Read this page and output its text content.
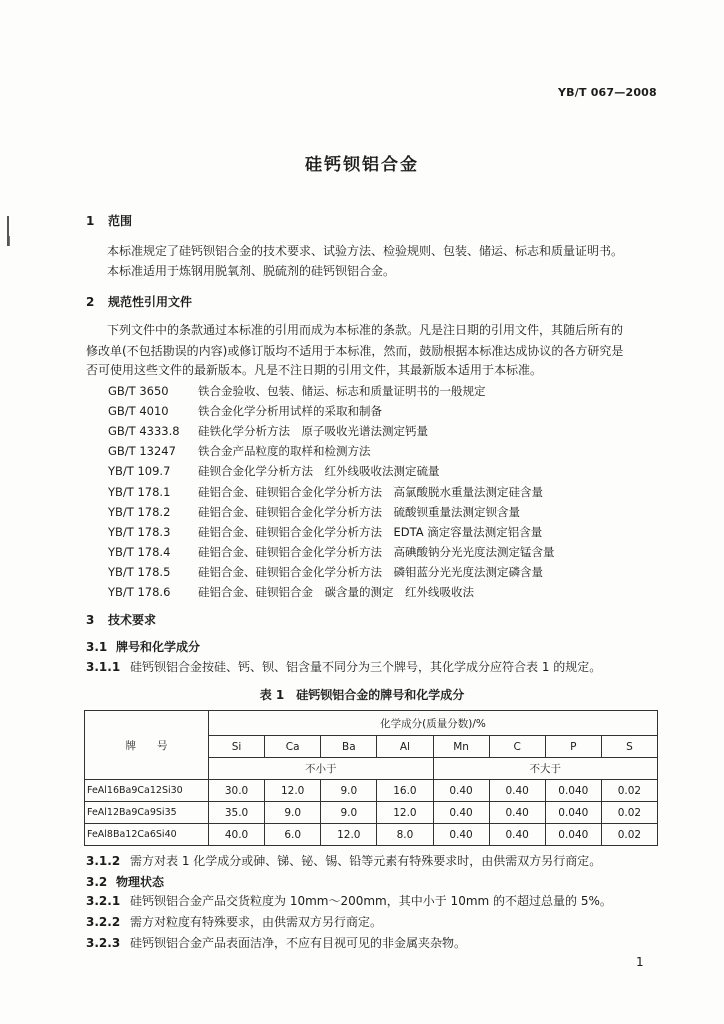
YB/T 067—2008
硅钙钡铝合金
1 范围
本标准规定了硅钙钡铝合金的技术要求、试验方法、检验规则、包装、储运、标志和质量证明书。
本标准适用于炼钢用脱氧剂、脱硫剂的硅钙钡铝合金。
2 规范性引用文件
下列文件中的条款通过本标准的引用而成为本标准的条款。凡是注日期的引用文件，其随后所有的
修改单(不包括勘误的内容)或修订版均不适用于本标准，然而，鼓励根据本标准达成协议的各方研究是
否可使用这些文件的最新版本。凡是不注日期的引用文件，其最新版本适用于本标准。
GB/T 3650	铁合金验收、包装、储运、标志和质量证明书的一般规定
GB/T 4010	铁合金化学分析用试样的采取和制备
GB/T 4333.8 硅铁化学分析方法　原子吸收光谱法测定钙量
GB/T 13247 铁合金产品粒度的取样和检测方法
YB/T 109.7 硅钡合金化学分析方法　红外线吸收法测定硫量
YB/T 178.1 硅铝合金、硅钡铝合金化学分析方法　高氯酸脱水重量法测定硅含量
YB/T 178.2 硅铝合金、硅钡铝合金化学分析方法　硫酸钡重量法测定钡含量
YB/T 178.3 硅铝合金、硅钡铝合金化学分析方法　EDTA 滴定容量法测定铝含量
YB/T 178.4 硅铝合金、硅钡铝合金化学分析方法　高碘酸钠分光光度法测定锰含量
YB/T 178.5 硅铝合金、硅钡铝合金化学分析方法　磷钼蓝分光光度法测定磷含量
YB/T 178.6 硅铝合金、硅钡铝合金　碳含量的测定　红外线吸收法
3 技术要求
3.1 牌号和化学成分
3.1.1 硅钙钡铝合金按硅、钙、钡、铝含量不同分为三个牌号，其化学成分应符合表 1 的规定。
表 1　硅钙钡铝合金的牌号和化学成分
牌　　号	化学成分(质量分数)/%							
	Si	Ca	Ba	Al	Mn	C	P	S
	不小于				不大于			
FeAl16Ba9Ca12Si30	30.0	12.0	9.0	16.0	0.40	0.40	0.040	0.02
FeAl12Ba9Ca9Si35	35.0	9.0	9.0	12.0	0.40	0.40	0.040	0.02
FeAl8Ba12Ca6Si40	40.0	6.0	12.0	8.0	0.40	0.40	0.040	0.02
3.1.2 需方对表 1 化学成分或砷、锑、铋、锡、铅等元素有特殊要求时，由供需双方另行商定。
3.2 物理状态
3.2.1 硅钙钡铝合金产品交货粒度为 10mm～200mm，其中小于 10mm 的不超过总量的 5%。
3.2.2 需方对粒度有特殊要求，由供需双方另行商定。
3.2.3 硅钙钡铝合金产品表面洁净，不应有目视可见的非金属夹杂物。
1
